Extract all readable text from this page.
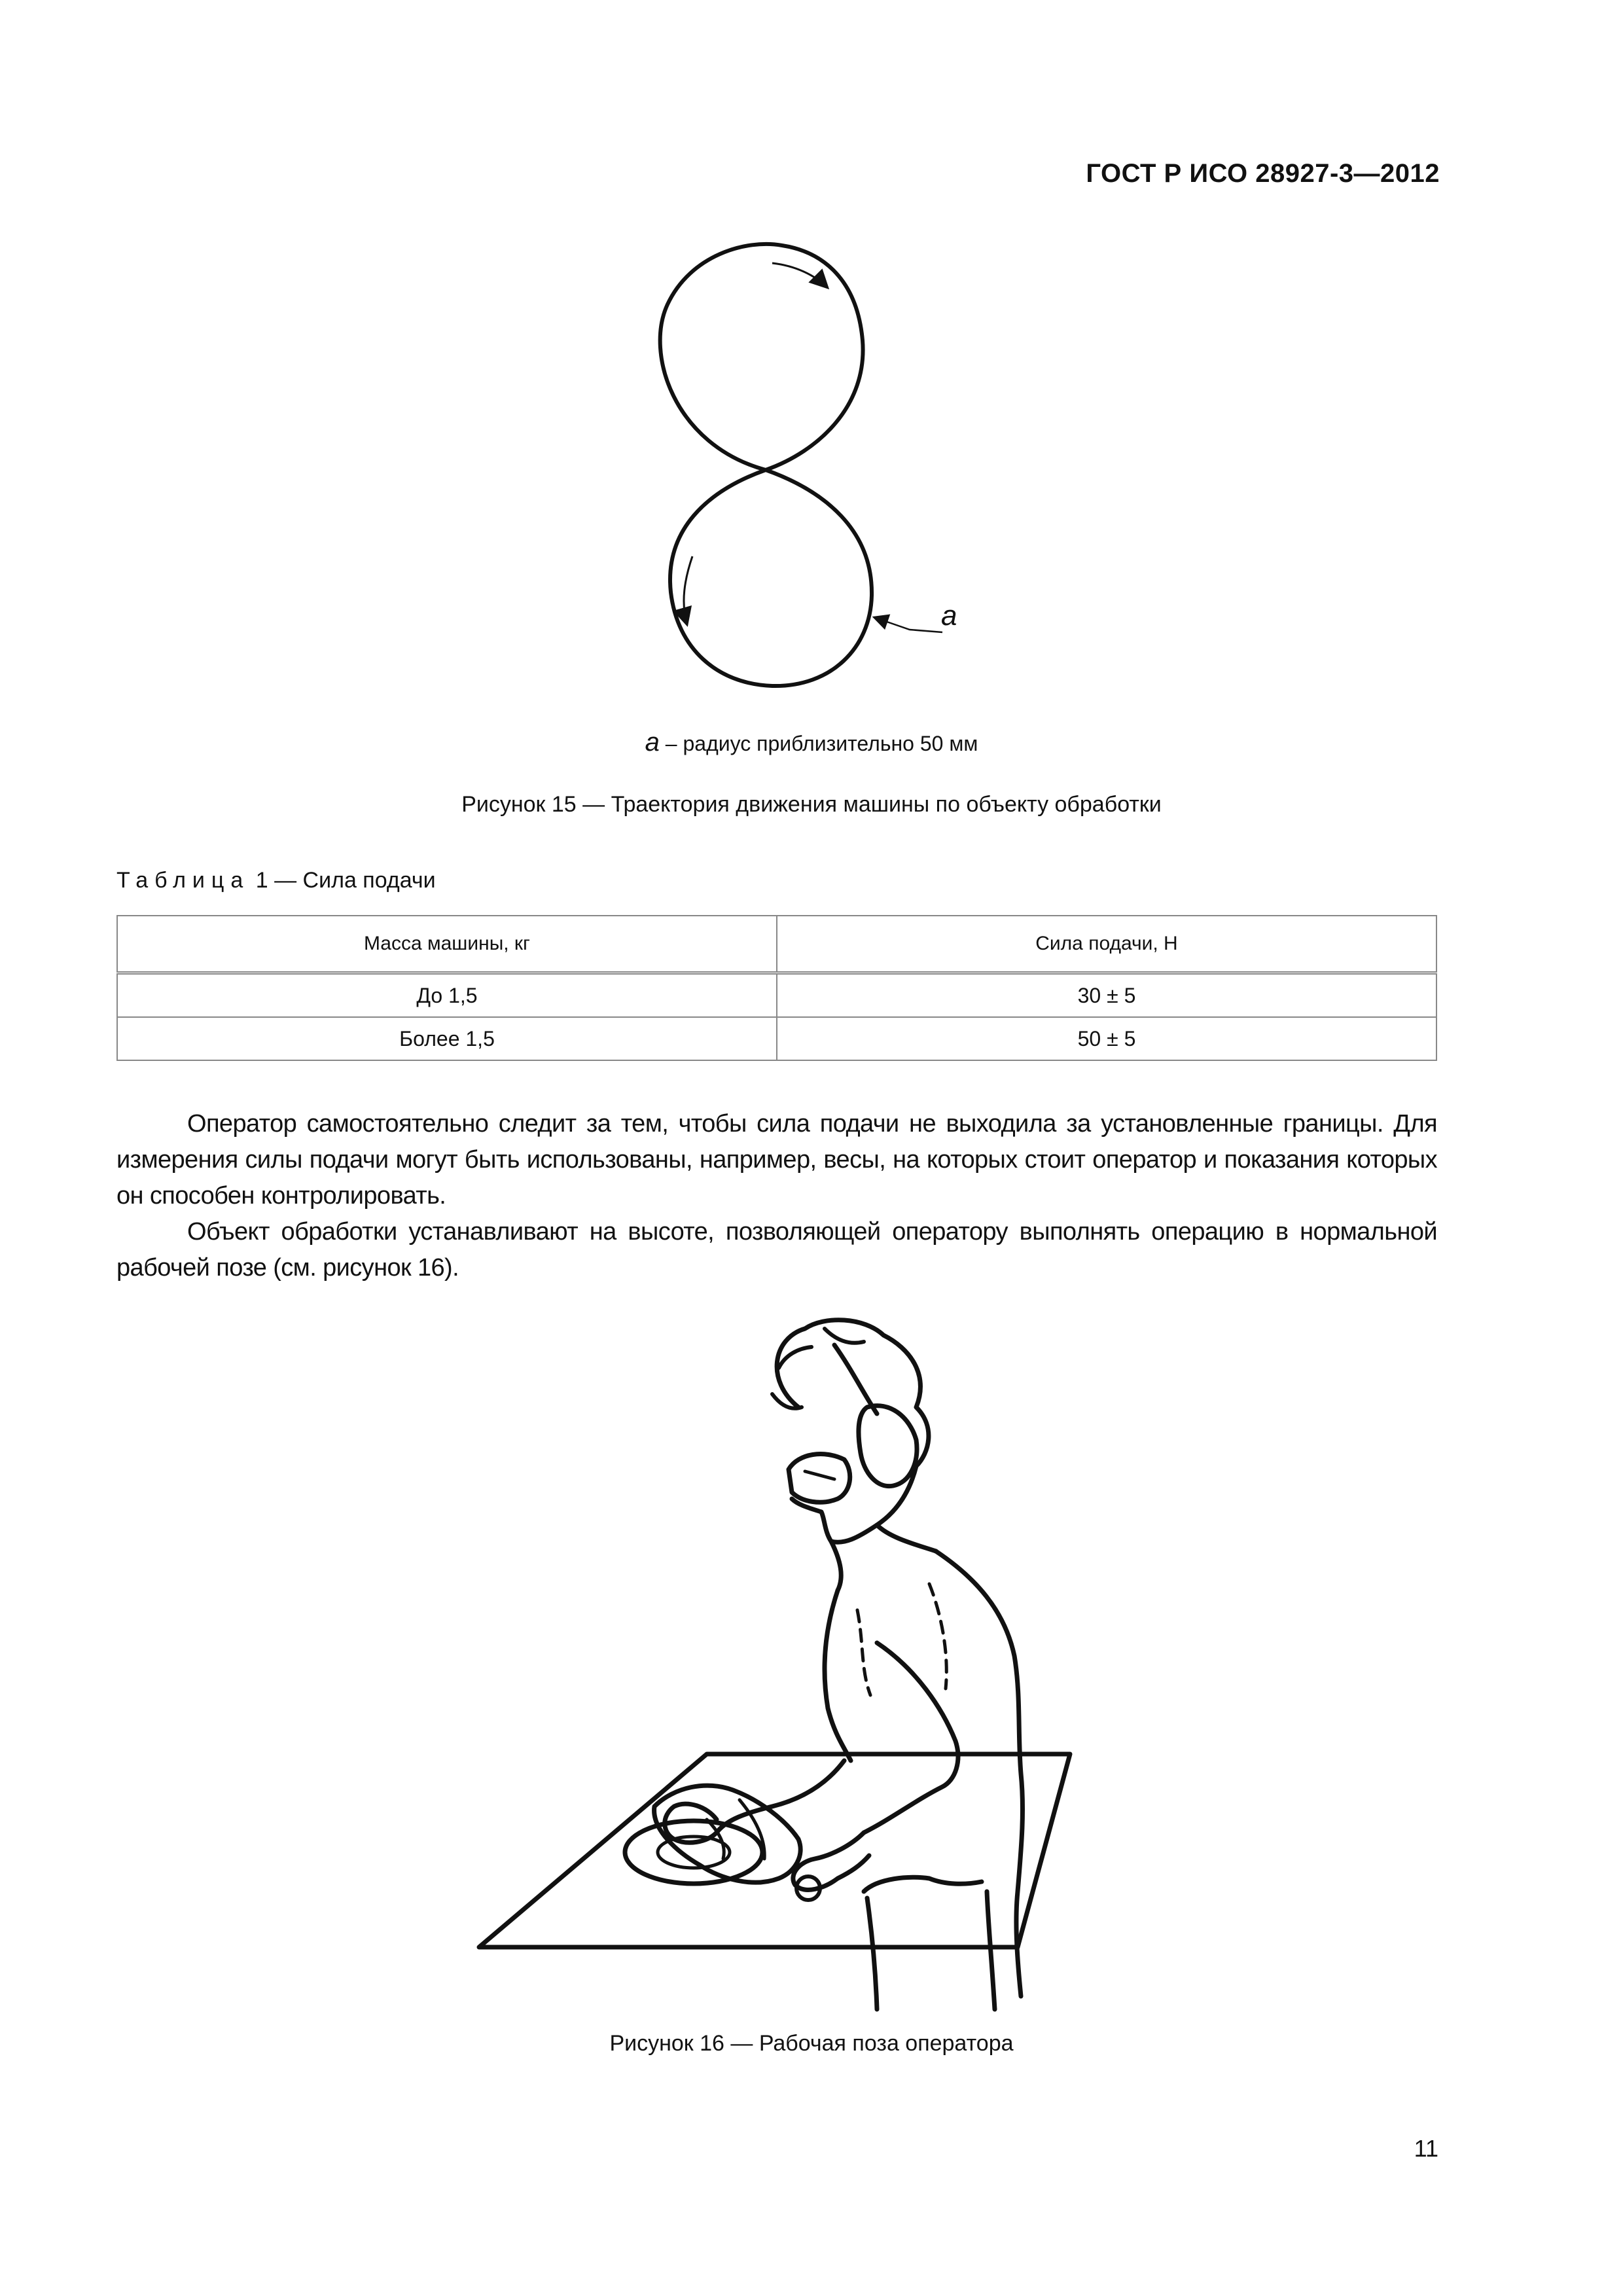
ГОСТ Р ИСО 28927-3—2012
a
a – радиус приблизительно 50 мм
Рисунок 15 — Траектория движения машины по объекту обработки
Таблица 1 — Сила подачи
Масса машины, кг	Сила подачи, Н
До 1,5	30 ± 5
Более 1,5	50 ± 5

Оператор самостоятельно следит за тем, чтобы сила подачи не выходила за установленные границы. Для измерения силы подачи могут быть использованы, например, весы, на которых стоит оператор и показания которых он способен контролировать.

Объект обработки устанавливают на высоте, позволяющей оператору выполнять операцию в нормальной рабочей позе (см. рисунок 16).

Рисунок 16 — Рабочая поза оператора
11
